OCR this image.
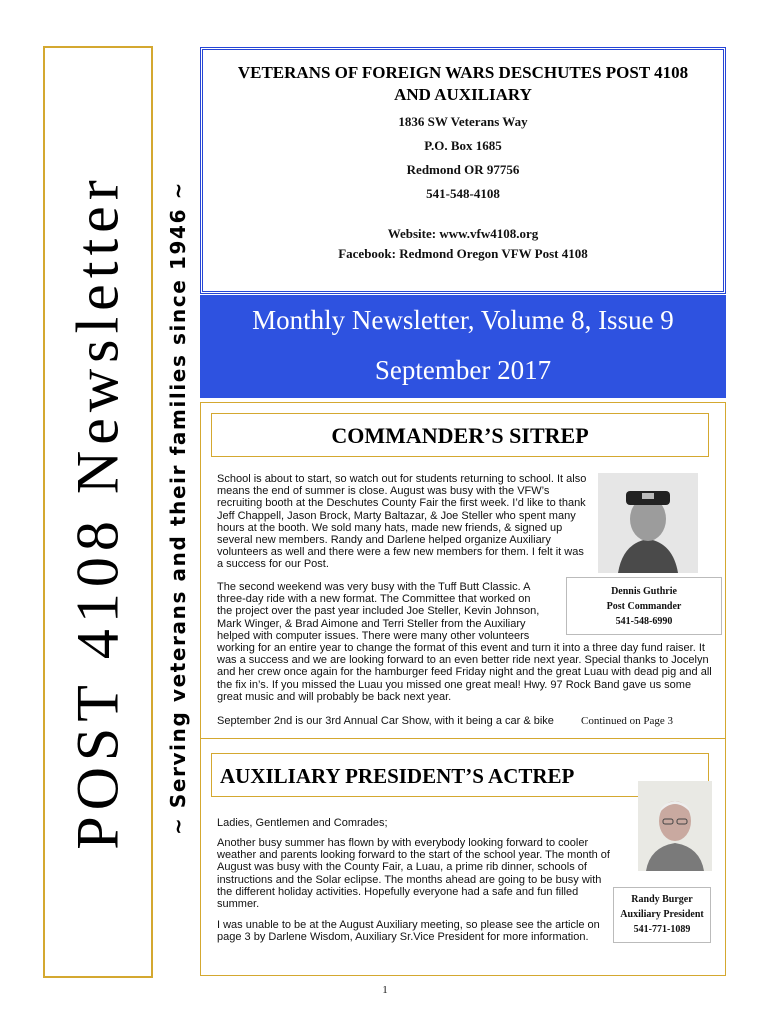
POST 4108 Newsletter ~ Serving veterans and their families since 1946 ~
VETERANS OF FOREIGN WARS DESCHUTES POST 4108
AND AUXILIARY
1836 SW Veterans Way
P.O. Box 1685
Redmond OR 97756
541-548-4108
Website: www.vfw4108.org
Facebook: Redmond Oregon VFW Post 4108
Monthly Newsletter, Volume 8, Issue 9
September 2017
COMMANDER’S SITREP

School is about to start, so watch out for students returning to school. It also means the end of summer is close. August was busy with the VFW’s recruiting booth at the Deschutes County Fair the first week. I’d like to thank Jeff Chappell, Jason Brock, Marty Baltazar, & Joe Steller who spent many hours at the booth. We sold many hats, made new friends, & signed up several new members. Randy and Darlene helped organize Auxiliary volunteers as well and there were a few new members for them. I felt it was a success for our Post.

Dennis Guthrie
Post Commander
541-548-6990

The second weekend was very busy with the Tuff Butt Classic. A three-day ride with a new format. The Committee that worked on the project over the past year included Joe Steller, Kevin Johnson, Mark Winger, & Brad Aimone and Terri Steller from the Auxiliary helped with computer issues. There were many other volunteers

working for an entire year to change the format of this event and turn it into a three day fund raiser. It was a success and we are looking forward to an even better ride next year. Special thanks to Jocelyn and her crew once again for the hamburger feed Friday night and the great Luau with dead pig and all the fix in’s. If you missed the Luau you missed one great meal! Hwy. 97 Rock Band gave us some great music and will probably be back next year.

September 2nd is our 3rd Annual Car Show, with it being a car & bike	Continued on Page 3
AUXILIARY PRESIDENT’S ACTREP
Randy Burger
Auxiliary President
541-771-1089

Ladies, Gentlemen and Comrades;

Another busy summer has flown by with everybody looking forward to cooler weather and parents looking forward to the start of the school year. The month of August was busy with the County Fair, a Luau, a prime rib dinner, schools of instructions and the Solar eclipse. The months ahead are going to be busy with the different holiday activities. Hopefully everyone had a safe and fun filled summer.

I was unable to be at the August Auxiliary meeting, so please see the article on page 3 by Darlene Wisdom, Auxiliary Sr.Vice President for more information.

1
